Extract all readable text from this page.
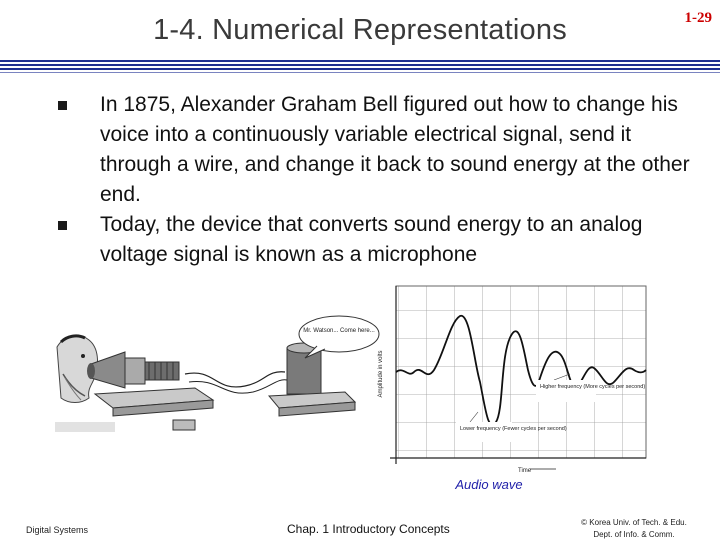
1-4. Numerical Representations	1-29
In 1875, Alexander Graham Bell figured out how to change his voice into a continuously variable electrical signal, send it through a wire, and change it back to sound energy at the other end.
Today, the device that converts sound energy to an analog voltage signal is known as a microphone
Mr. Watson... Come here...
Amplitude in volts
Time
Higher frequency (More cycles per second)
Lower frequency (Fewer cycles per second)
Audio wave
Digital Systems	Chap. 1 Introductory Concepts	© Korea Univ. of Tech. & Edu.
Dept. of Info. & Comm.
